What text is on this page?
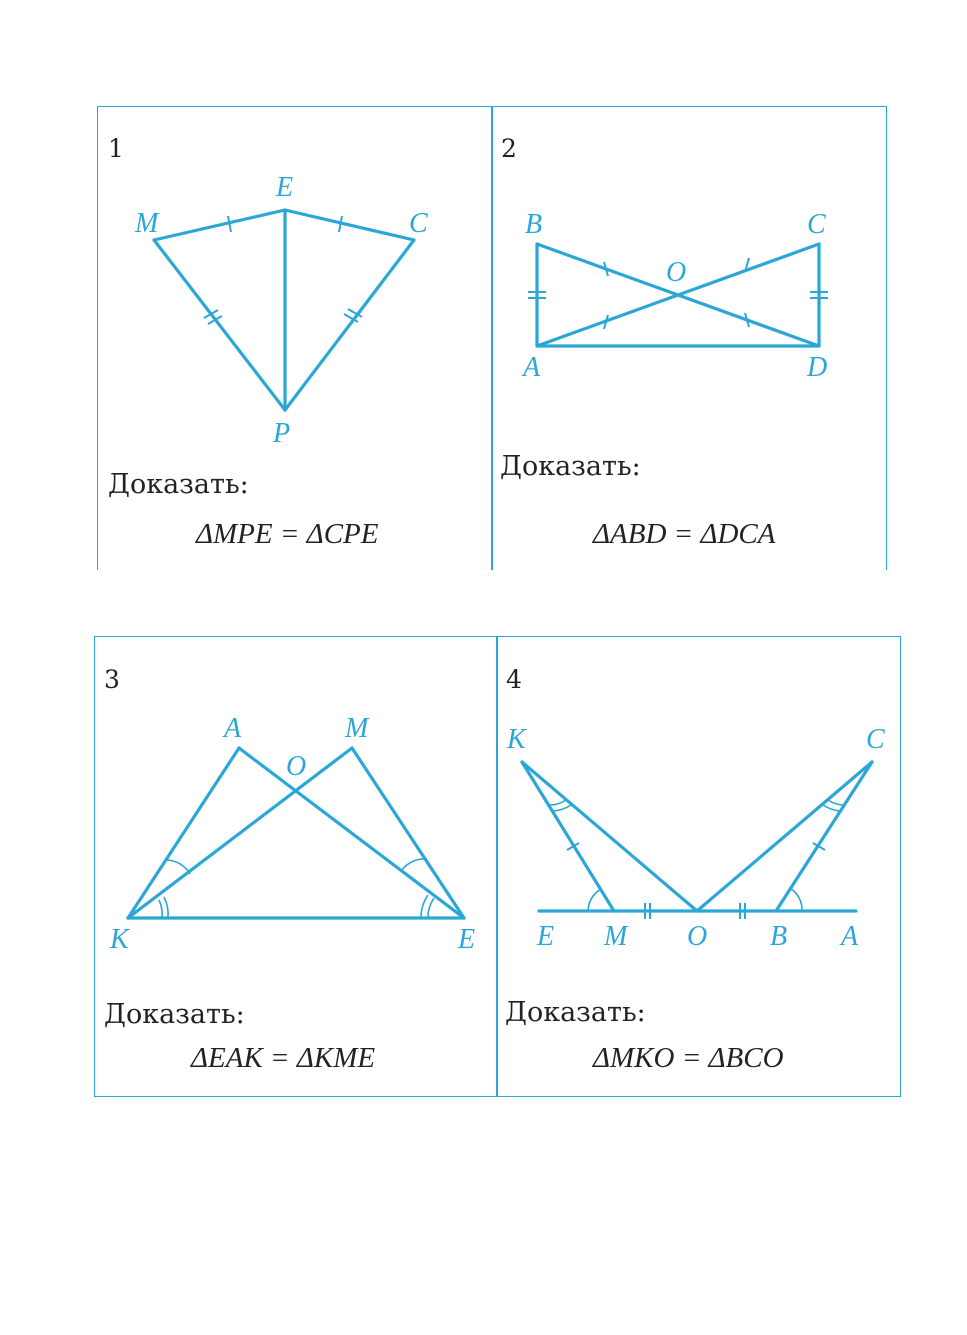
M
E
C
P
B	C
O
A	D
A	M
O
K	E
K	C
E M O B A
1	2
3	4
Доказать:
Доказать:
Доказать:	Доказать:
ΔMPE = ΔCPE	ΔABD = ΔDCA
ΔEAK = ΔKME	ΔMKO = ΔBCO
